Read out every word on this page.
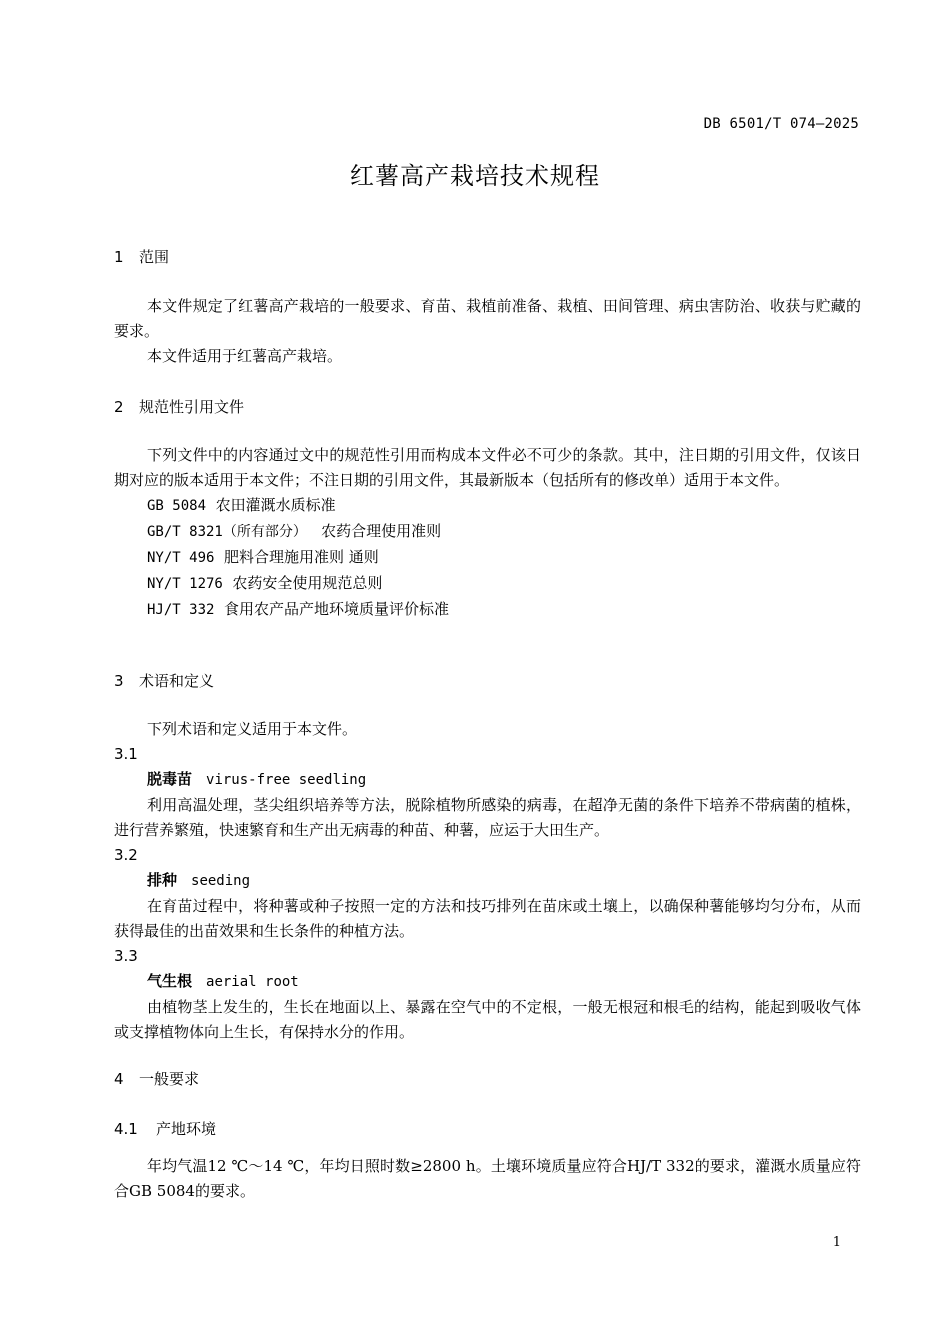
DB 6501/T 074—2025
红薯高产栽培技术规程
1 范围

本文件规定了红薯高产栽培的一般要求、育苗、栽植前准备、栽植、田间管理、病虫害防治、收获与贮藏的要求。

本文件适用于红薯高产栽培。

2 规范性引用文件

下列文件中的内容通过文中的规范性引用而构成本文件必不可少的条款。其中，注日期的引用文件，仅该日期对应的版本适用于本文件；不注日期的引用文件，其最新版本（包括所有的修改单）适用于本文件。

GB 5084 农田灌溉水质标准

GB/T 8321（所有部分） 农药合理使用准则

NY/T 496 肥料合理施用准则 通则

NY/T 1276 农药安全使用规范总则

HJ/T 332 食用农产品产地环境质量评价标准

3 术语和定义

下列术语和定义适用于本文件。

3.1

脱毒苗 virus-free seedling

利用高温处理，茎尖组织培养等方法，脱除植物所感染的病毒，在超净无菌的条件下培养不带病菌的植株，进行营养繁殖，快速繁育和生产出无病毒的种苗、种薯，应运于大田生产。

3.2

排种 seeding

在育苗过程中，将种薯或种子按照一定的方法和技巧排列在苗床或土壤上，以确保种薯能够均匀分布，从而获得最佳的出苗效果和生长条件的种植方法。

3.3

气生根 aerial root

由植物茎上发生的，生长在地面以上、暴露在空气中的不定根，一般无根冠和根毛的结构，能起到吸收气体或支撑植物体向上生长，有保持水分的作用。

4 一般要求
4.1 产地环境

年均气温12 ℃～14 ℃，年均日照时数≥2800 h。土壤环境质量应符合HJ/T 332的要求，灌溉水质量应符合GB 5084的要求。

1
